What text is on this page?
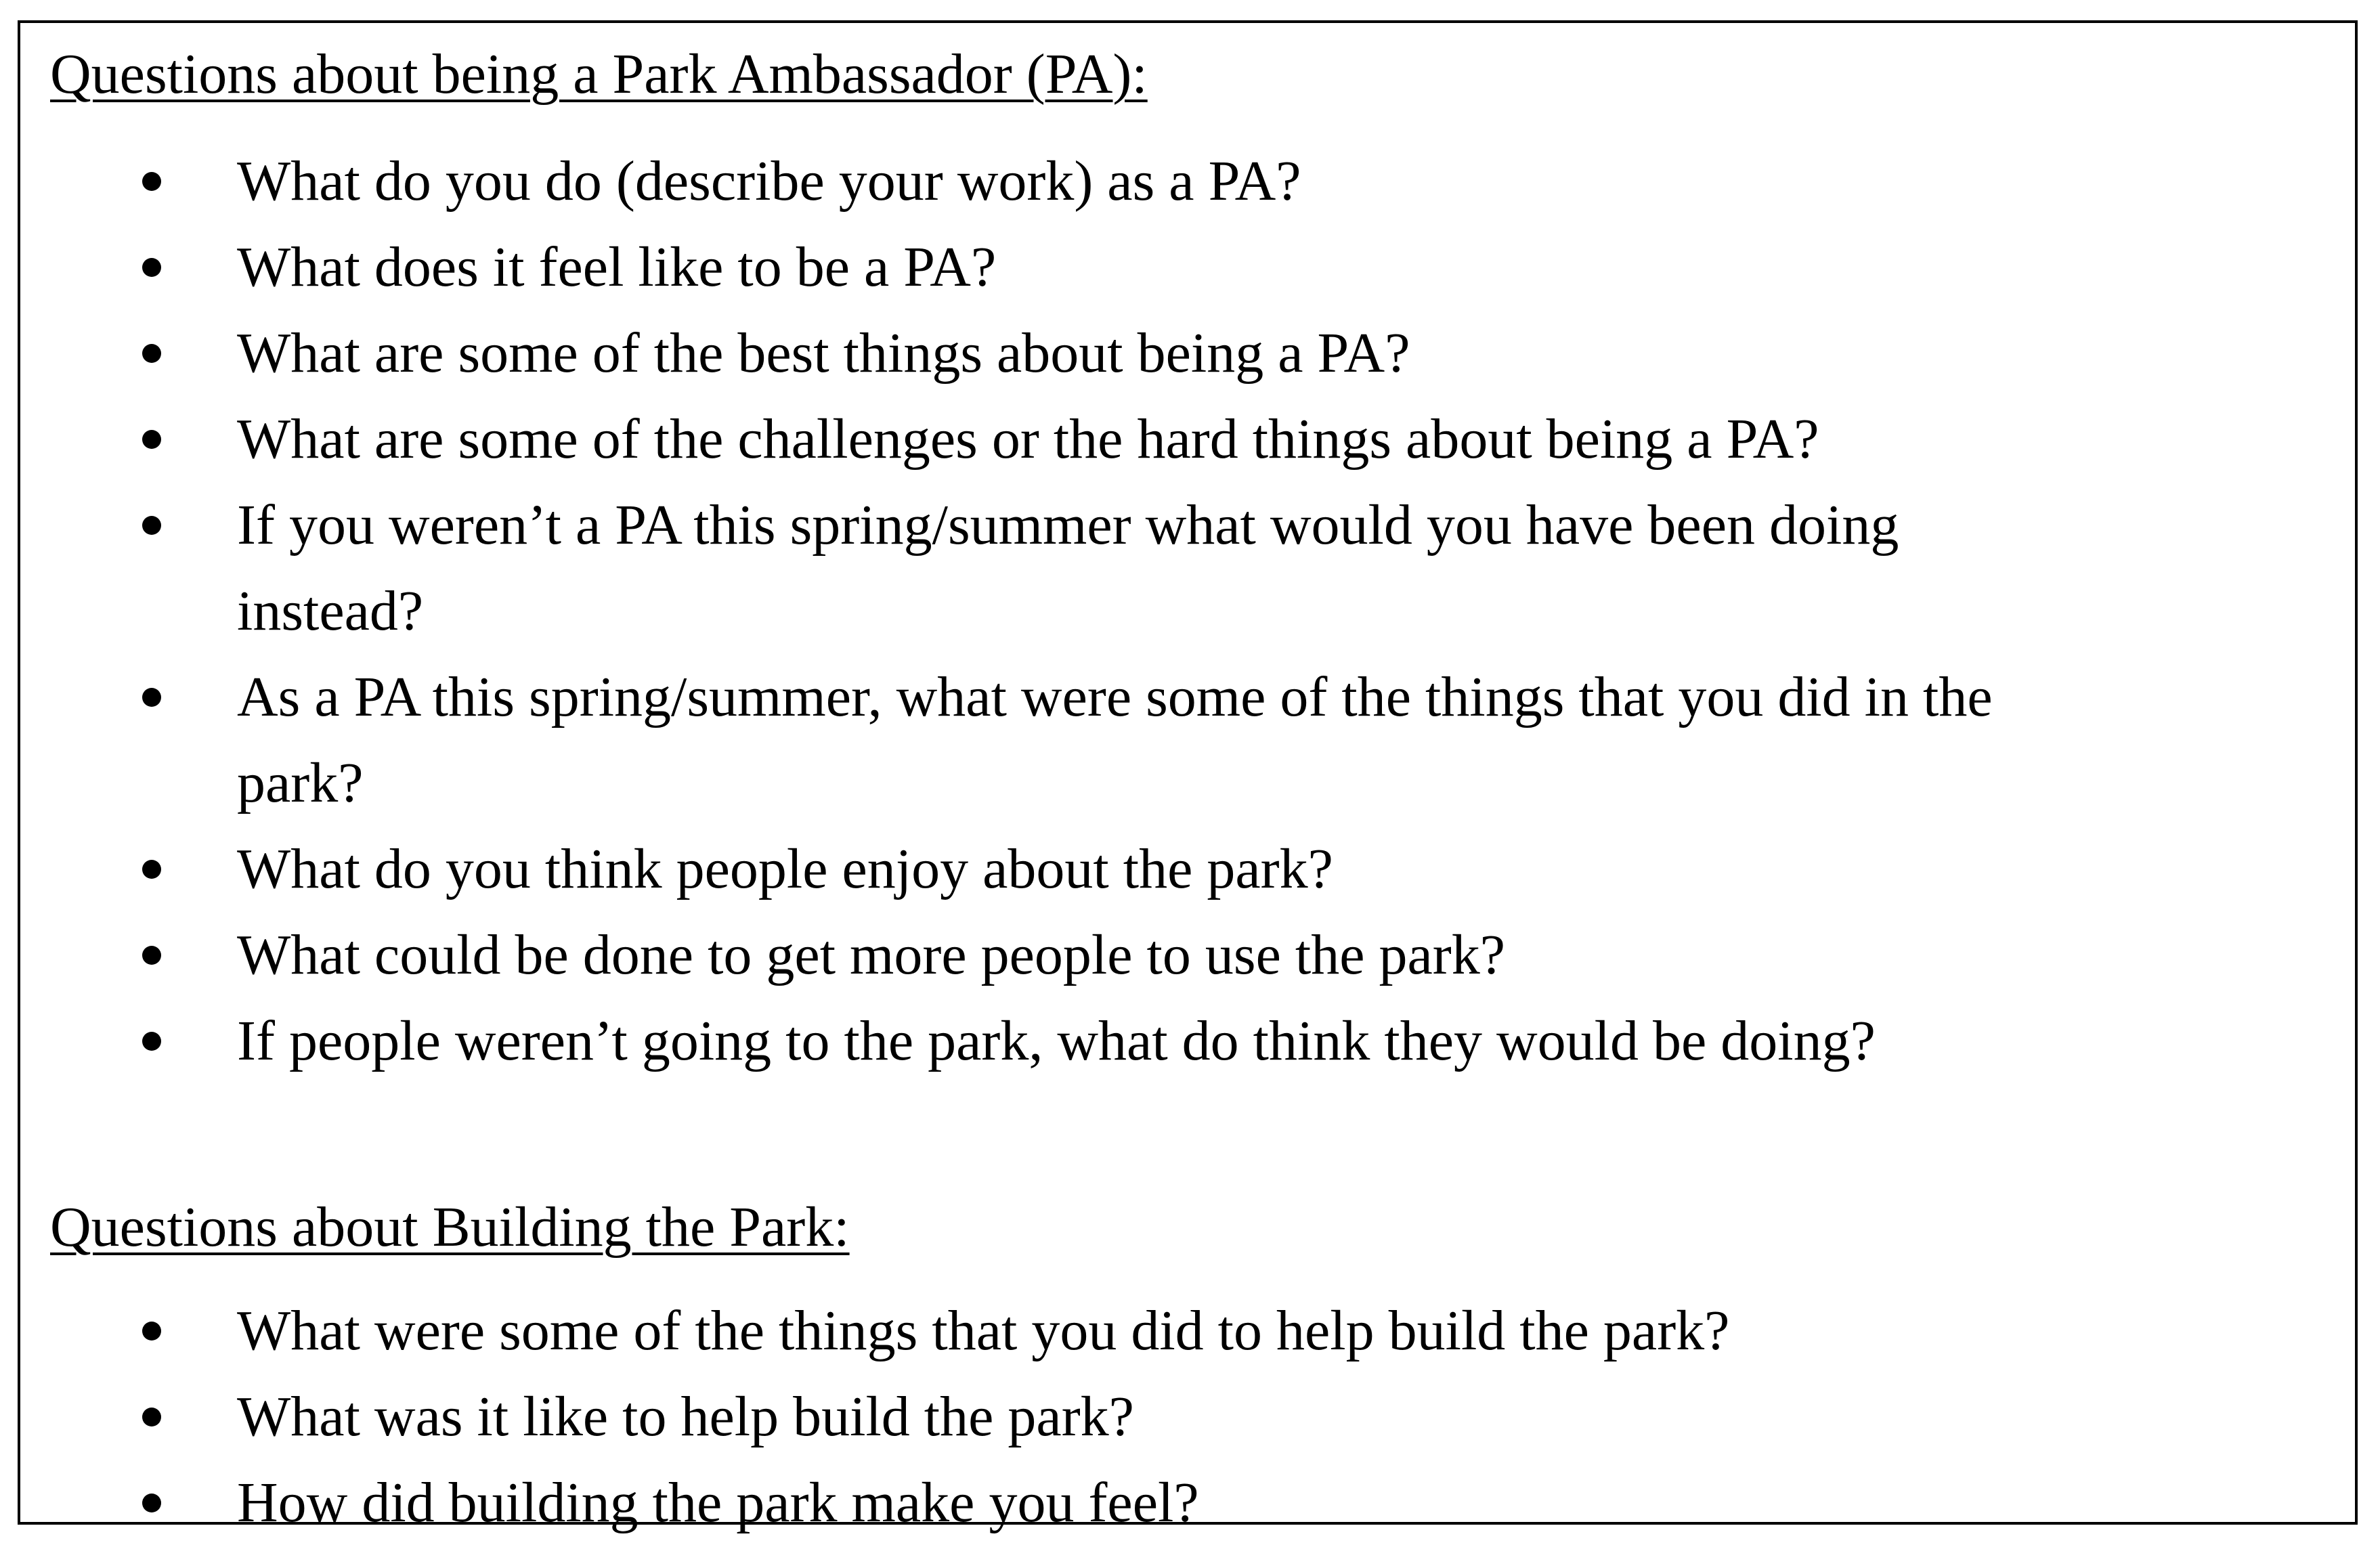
Questions about being a Park Ambassador (PA):
What do you do (describe your work) as a PA?
What does it feel like to be a PA?
What are some of the best things about being a PA?
What are some of the challenges or the hard things about being a PA?
If you weren’t a PA this spring/summer what would you have been doing
instead?
As a PA this spring/summer, what were some of the things that you did in the
park?
What do you think people enjoy about the park?
What could be done to get more people to use the park?
If people weren’t going to the park, what do think they would be doing?
Questions about Building the Park:
What were some of the things that you did to help build the park?
What was it like to help build the park?
How did building the park make you feel?
